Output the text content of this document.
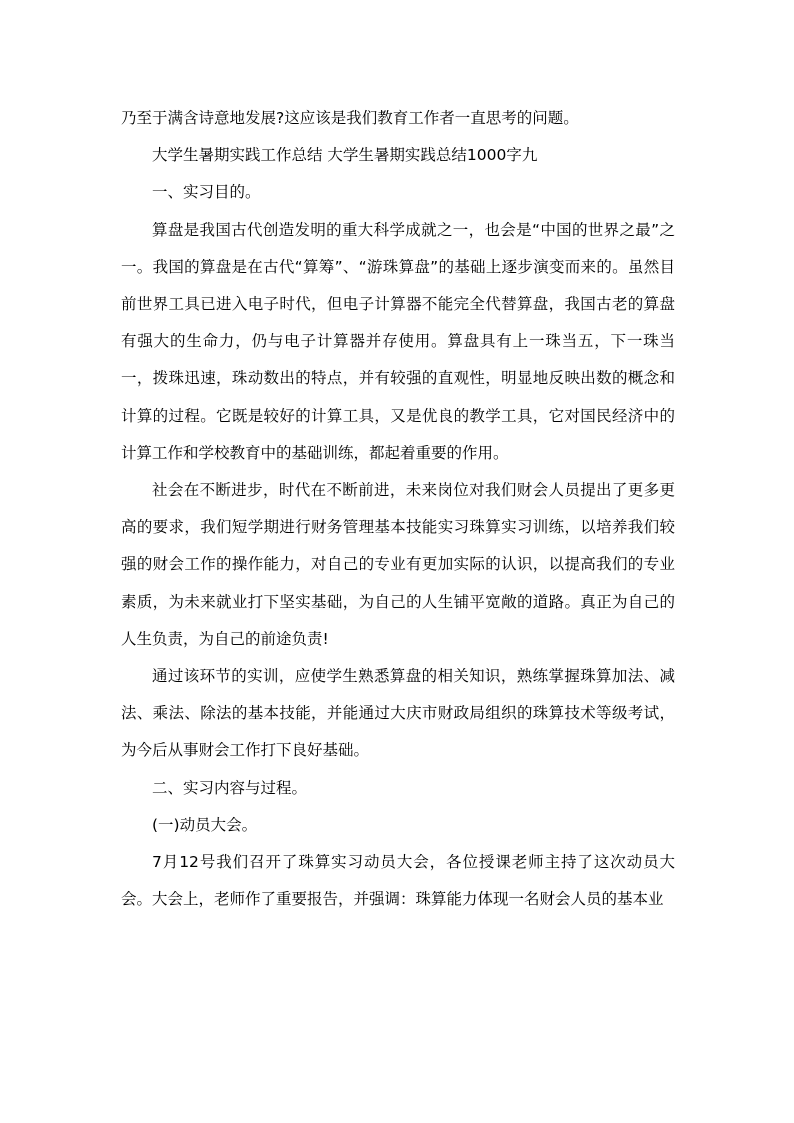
乃至于满含诗意地发展?这应该是我们教育工作者一直思考的问题。

大学生暑期实践工作总结 大学生暑期实践总结1000字九

一、实习目的。

算盘是我国古代创造发明的重大科学成就之一，也会是“中国的世界之最”之一。我国的算盘是在古代“算筹”、“游珠算盘”的基础上逐步演变而来的。虽然目前世界工具已进入电子时代，但电子计算器不能完全代替算盘，我国古老的算盘有强大的生命力，仍与电子计算器并存使用。算盘具有上一珠当五，下一珠当一，拨珠迅速，珠动数出的特点，并有较强的直观性，明显地反映出数的概念和计算的过程。它既是较好的计算工具，又是优良的教学工具，它对国民经济中的计算工作和学校教育中的基础训练，都起着重要的作用。

社会在不断进步，时代在不断前进，未来岗位对我们财会人员提出了更多更高的要求，我们短学期进行财务管理基本技能实习珠算实习训练，以培养我们较强的财会工作的操作能力，对自己的专业有更加实际的认识，以提高我们的专业素质，为未来就业打下坚实基础，为自己的人生铺平宽敞的道路。真正为自己的人生负责，为自己的前途负责!

通过该环节的实训，应使学生熟悉算盘的相关知识，熟练掌握珠算加法、减法、乘法、除法的基本技能，并能通过大庆市财政局组织的珠算技术等级考试，为今后从事财会工作打下良好基础。

二、实习内容与过程。

(一)动员大会。

7月12号我们召开了珠算实习动员大会，各位授课老师主持了这次动员大会。大会上，老师作了重要报告，并强调：珠算能力体现一名财会人员的基本业
